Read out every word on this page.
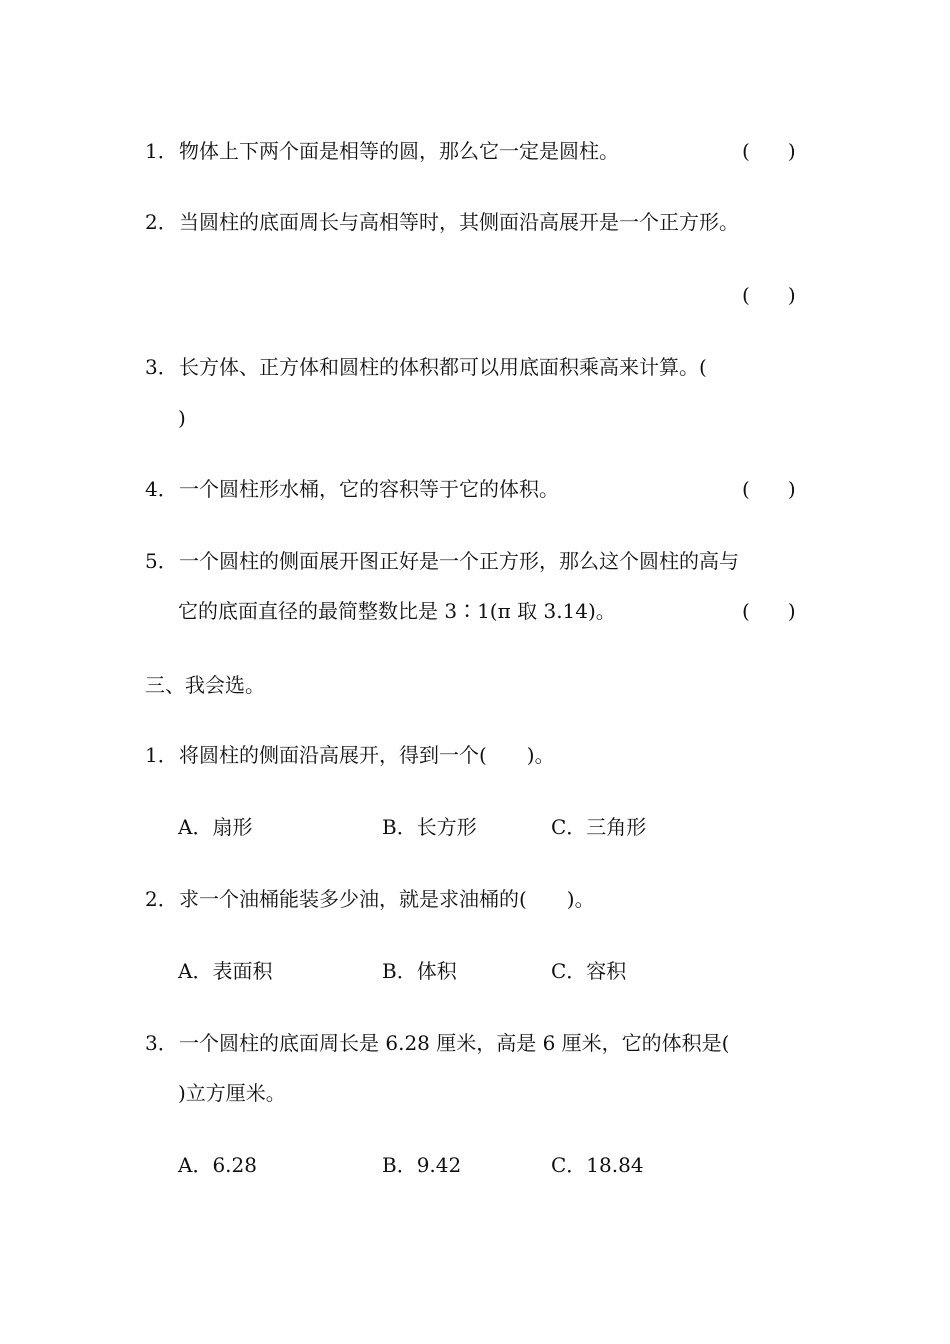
1．物体上下两个面是相等的圆，那么它一定是圆柱。	( )
2．当圆柱的底面周长与高相等时，其侧面沿高展开是一个正方形。
( )
3．长方体、正方体和圆柱的体积都可以用底面积乘高来计算。(
)
4．一个圆柱形水桶，它的容积等于它的体积。	( )
5．一个圆柱的侧面展开图正好是一个正方形，那么这个圆柱的高与
它的底面直径的最简整数比是 3∶1(π 取 3.14)。	( )
三、我会选。
1．将圆柱的侧面沿高展开，得到一个(　　)。
A．扇形	B．长方形	C．三角形
2．求一个油桶能装多少油，就是求油桶的(　　)。
A．表面积	B．体积	C．容积
3．一个圆柱的底面周长是 6.28 厘米，高是 6 厘米，它的体积是(
)立方厘米。
A．6.28	B．9.42	C．18.84
